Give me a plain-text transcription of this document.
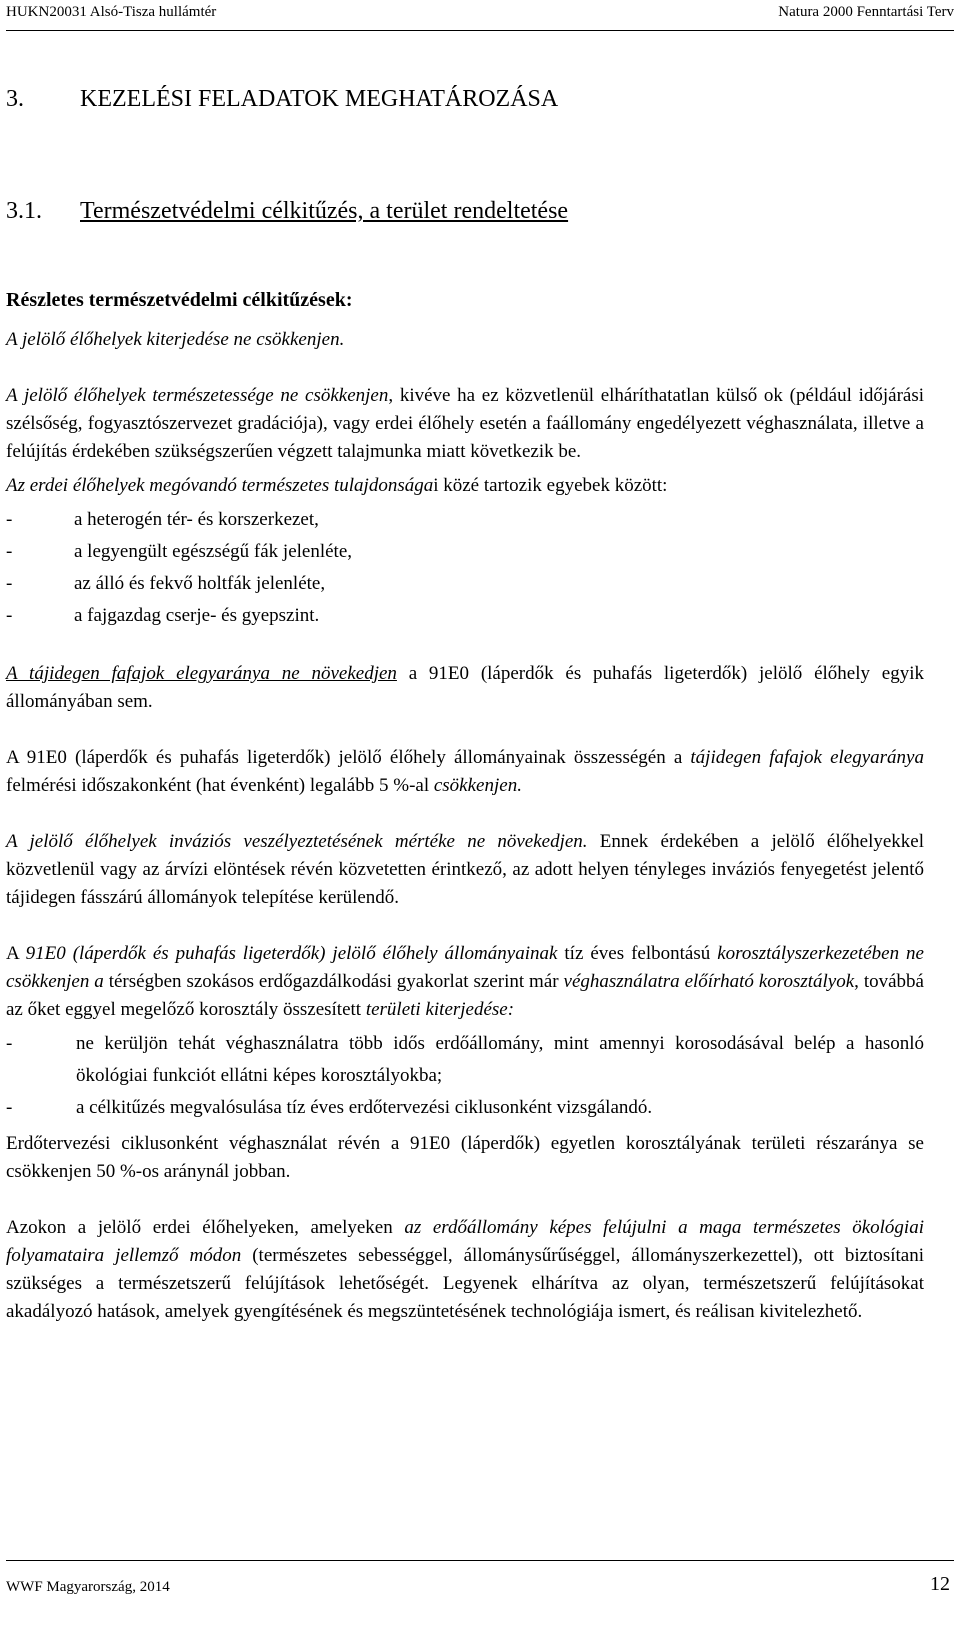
HUKN20031 Alsó-Tisza hullámtér	Natura 2000 Fenntartási Terv
3. KEZELÉSI FELADATOK MEGHATÁROZÁSA
3.1. Természetvédelmi célkitűzés, a terület rendeltetése

Részletes természetvédelmi célkitűzések:

A jelölő élőhelyek kiterjedése ne csökkenjen.

A jelölő élőhelyek természetessége ne csökkenjen, kivéve ha ez közvetlenül elháríthatatlan külső ok (például időjárási szélsőség, fogyasztószervezet gradációja), vagy erdei élőhely esetén a faállomány engedélyezett véghasználata, illetve a felújítás érdekében szükségszerűen végzett talajmunka miatt következik be.

Az erdei élőhelyek megóvandó természetes tulajdonságai közé tartozik egyebek között:

-	a heterogén tér- és korszerkezet,
-	a legyengült egészségű fák jelenléte,
-	az álló és fekvő holtfák jelenléte,
-	a fajgazdag cserje- és gyepszint.

A tájidegen fafajok elegyaránya ne növekedjen a 91E0 (láperdők és puhafás ligeterdők) jelölő élőhely egyik állományában sem.

A 91E0 (láperdők és puhafás ligeterdők) jelölő élőhely állományainak összességén a tájidegen fafajok elegyaránya felmérési időszakonként (hat évenként) legalább 5 %-al csökkenjen.

A jelölő élőhelyek inváziós veszélyeztetésének mértéke ne növekedjen. Ennek érdekében a jelölő élőhelyekkel közvetlenül vagy az árvízi elöntések révén közvetetten érintkező, az adott helyen tényleges inváziós fenyegetést jelentő tájidegen fásszárú állományok telepítése kerülendő.

A 91E0 (láperdők és puhafás ligeterdők) jelölő élőhely állományainak tíz éves felbontású korosztályszerkezetében ne csökkenjen a térségben szokásos erdőgazdálkodási gyakorlat szerint már véghasználatra előírható korosztályok, továbbá az őket eggyel megelőző korosztály összesített területi kiterjedése:

-	ne kerüljön tehát véghasználatra több idős erdőállomány, mint amennyi korosodásával belép a hasonló ökológiai funkciót ellátni képes korosztályokba;
-	a célkitűzés megvalósulása tíz éves erdőtervezési ciklusonként vizsgálandó.

Erdőtervezési ciklusonként véghasználat révén a 91E0 (láperdők) egyetlen korosztályának területi részaránya se csökkenjen 50 %-os aránynál jobban.

Azokon a jelölő erdei élőhelyeken, amelyeken az erdőállomány képes felújulni a maga természetes ökológiai folyamataira jellemző módon (természetes sebességgel, állománysűrűséggel, állományszerkezettel), ott biztosítani szükséges a természetszerű felújítások lehetőségét. Legyenek elhárítva az olyan, természetszerű felújításokat akadályozó hatások, amelyek gyengítésének és megszüntetésének technológiája ismert, és reálisan kivitelezhető.

WWF Magyarország, 2014	12
